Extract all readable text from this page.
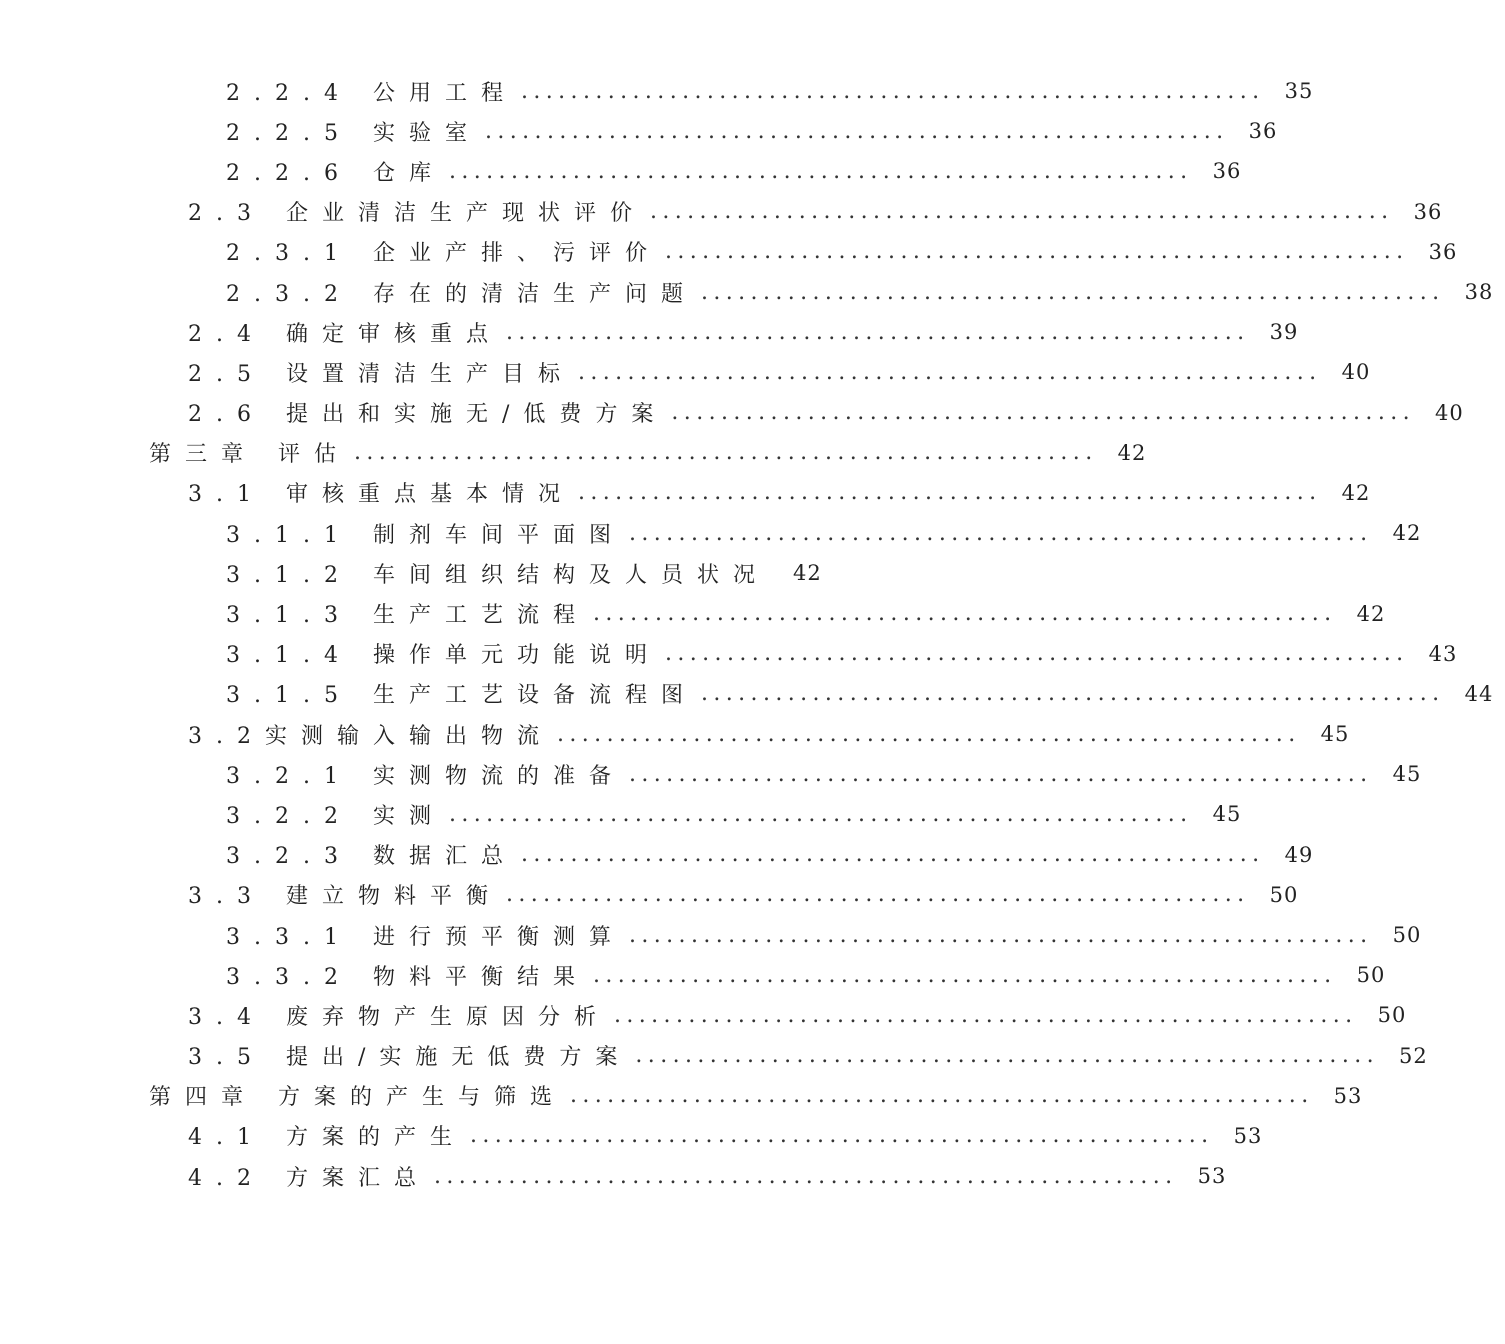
2.2.4 公用工程 ............................................................ 35
2.2.5 实验室 ............................................................ 36
2.2.6 仓库 ............................................................ 36
2.3 企业清洁生产现状评价 ............................................................ 36
2.3.1 企业产排、污评价 ............................................................ 36
2.3.2 存在的清洁生产问题 ............................................................ 38
2.4 确定审核重点 ............................................................ 39
2.5 设置清洁生产目标 ............................................................ 40
2.6 提出和实施无/低费方案 ............................................................ 40
第三章 评估 ............................................................ 42
3.1 审核重点基本情况 ............................................................ 42
3.1.1 制剂车间平面图 ............................................................ 42
3.1.2 车间组织结构及人员状况 42
3.1.3 生产工艺流程 ............................................................ 42
3.1.4 操作单元功能说明 ............................................................ 43
3.1.5 生产工艺设备流程图 ............................................................ 44
3.2实测输入输出物流 ............................................................ 45
3.2.1 实测物流的准备 ............................................................ 45
3.2.2 实测 ............................................................ 45
3.2.3 数据汇总 ............................................................ 49
3.3 建立物料平衡 ............................................................ 50
3.3.1 进行预平衡测算 ............................................................ 50
3.3.2 物料平衡结果 ............................................................ 50
3.4 废弃物产生原因分析 ............................................................ 50
3.5 提出/实施无低费方案 ............................................................ 52
第四章 方案的产生与筛选 ............................................................ 53
4.1 方案的产生 ............................................................ 53
4.2 方案汇总 ............................................................ 53
